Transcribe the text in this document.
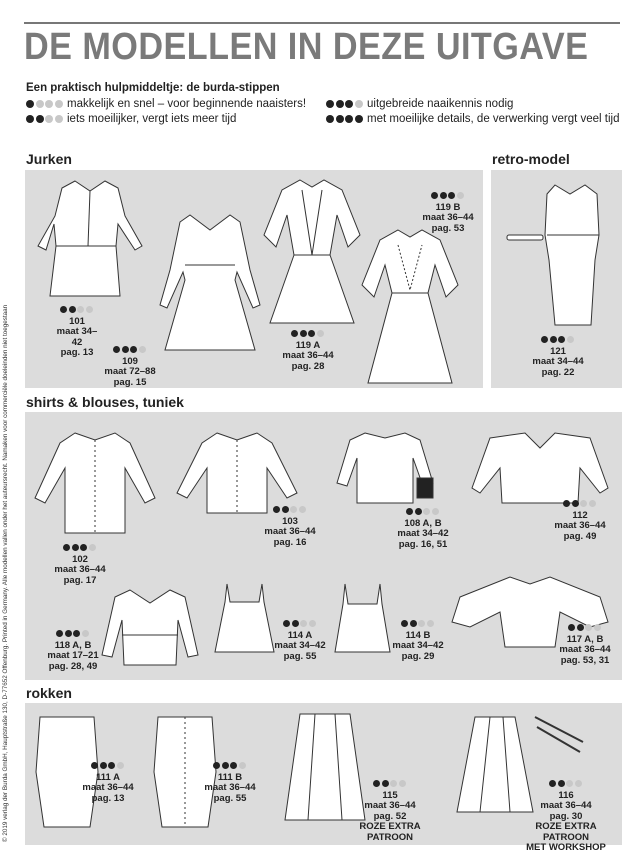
DE MODELLEN IN DEZE UITGAVE
Een praktisch hulpmiddeltje: de burda-stippen
makkelijk en snel – voor beginnende naaisters!
iets moeilijker, vergt iets meer tijd
uitgebreide naaikennis nodig
met moeilijke details, de verwerking vergt veel tijd
© 2019 verlag der Burda GmbH, Hauptstraße 130, D-77652 Offenburg. Printed in Germany. Alle modellen vallen onder het auteursrecht. Namaken voor commerciële doeleinden niet toegestaan
Jurken	retro-model
shirts & blouses, tuniek
rokken
101
maat 34–42
pag. 13
109
maat 72–88
pag. 15
119 A
maat 36–44
pag. 28
119 B
maat 36–44
pag. 53
121
maat 34–44
pag. 22
102
maat 36–44
pag. 17
103
maat 36–44
pag. 16
108 A, B
maat 34–42
pag. 16, 51
112
maat 36–44
pag. 49
118 A, B
maat 17–21
pag. 28, 49
114 A
maat 34–42
pag. 55
114 B
maat 34–42
pag. 29
117 A, B
maat 36–44
pag. 53, 31
111 A
maat 36–44
pag. 13
111 B
maat 36–44
pag. 55	115
maat 36–44
pag. 52
ROZE EXTRA PATROON
116
maat 36–44
pag. 30
ROZE EXTRA PATROON
MET WORKSHOP
